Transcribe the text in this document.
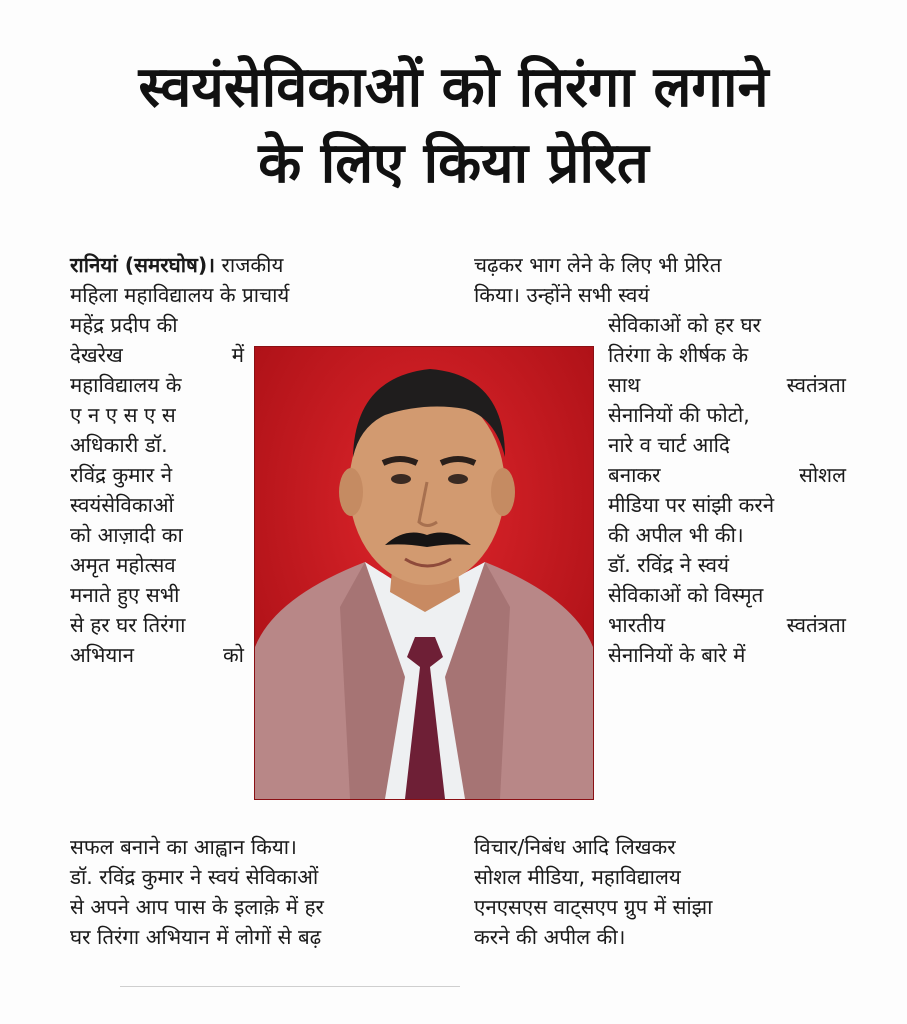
स्वयंसेविकाओं को तिरंगा लगाने
के लिए किया प्रेरित
रानियां (समरघोष)। राजकीय
महिला महाविद्यालय के प्राचार्य
महेंद्र प्रदीप की
देखरेख	में
महाविद्यालय के
ए न ए स ए स
अधिकारी डॉ.
रविंद्र कुमार ने
स्वयंसेविकाओं
को आज़ादी का
अमृत महोत्सव
मनाते हुए सभी
से हर घर तिरंगा
अभियान	को
सफल बनाने का आह्वान किया।
डॉ. रविंद्र कुमार ने स्वयं सेविकाओं
से अपने आप पास के इलाक़े में हर
घर तिरंगा अभियान में लोगों से बढ़
चढ़कर भाग लेने के लिए भी प्रेरित
किया। उन्होंने सभी स्वयं
सेविकाओं को हर घर
तिरंगा के शीर्षक के
साथ	स्वतंत्रता
सेनानियों की फोटो,
नारे व चार्ट आदि
बनाकर	सोशल
मीडिया पर सांझी करने
की अपील भी की।
डॉ. रविंद्र ने स्वयं
सेविकाओं को विस्मृत
भारतीय	स्वतंत्रता
सेनानियों के बारे में
विचार/निबंध आदि लिखकर
सोशल मीडिया, महाविद्यालय
एनएसएस वाट्सएप ग्रुप में सांझा
करने की अपील की।
